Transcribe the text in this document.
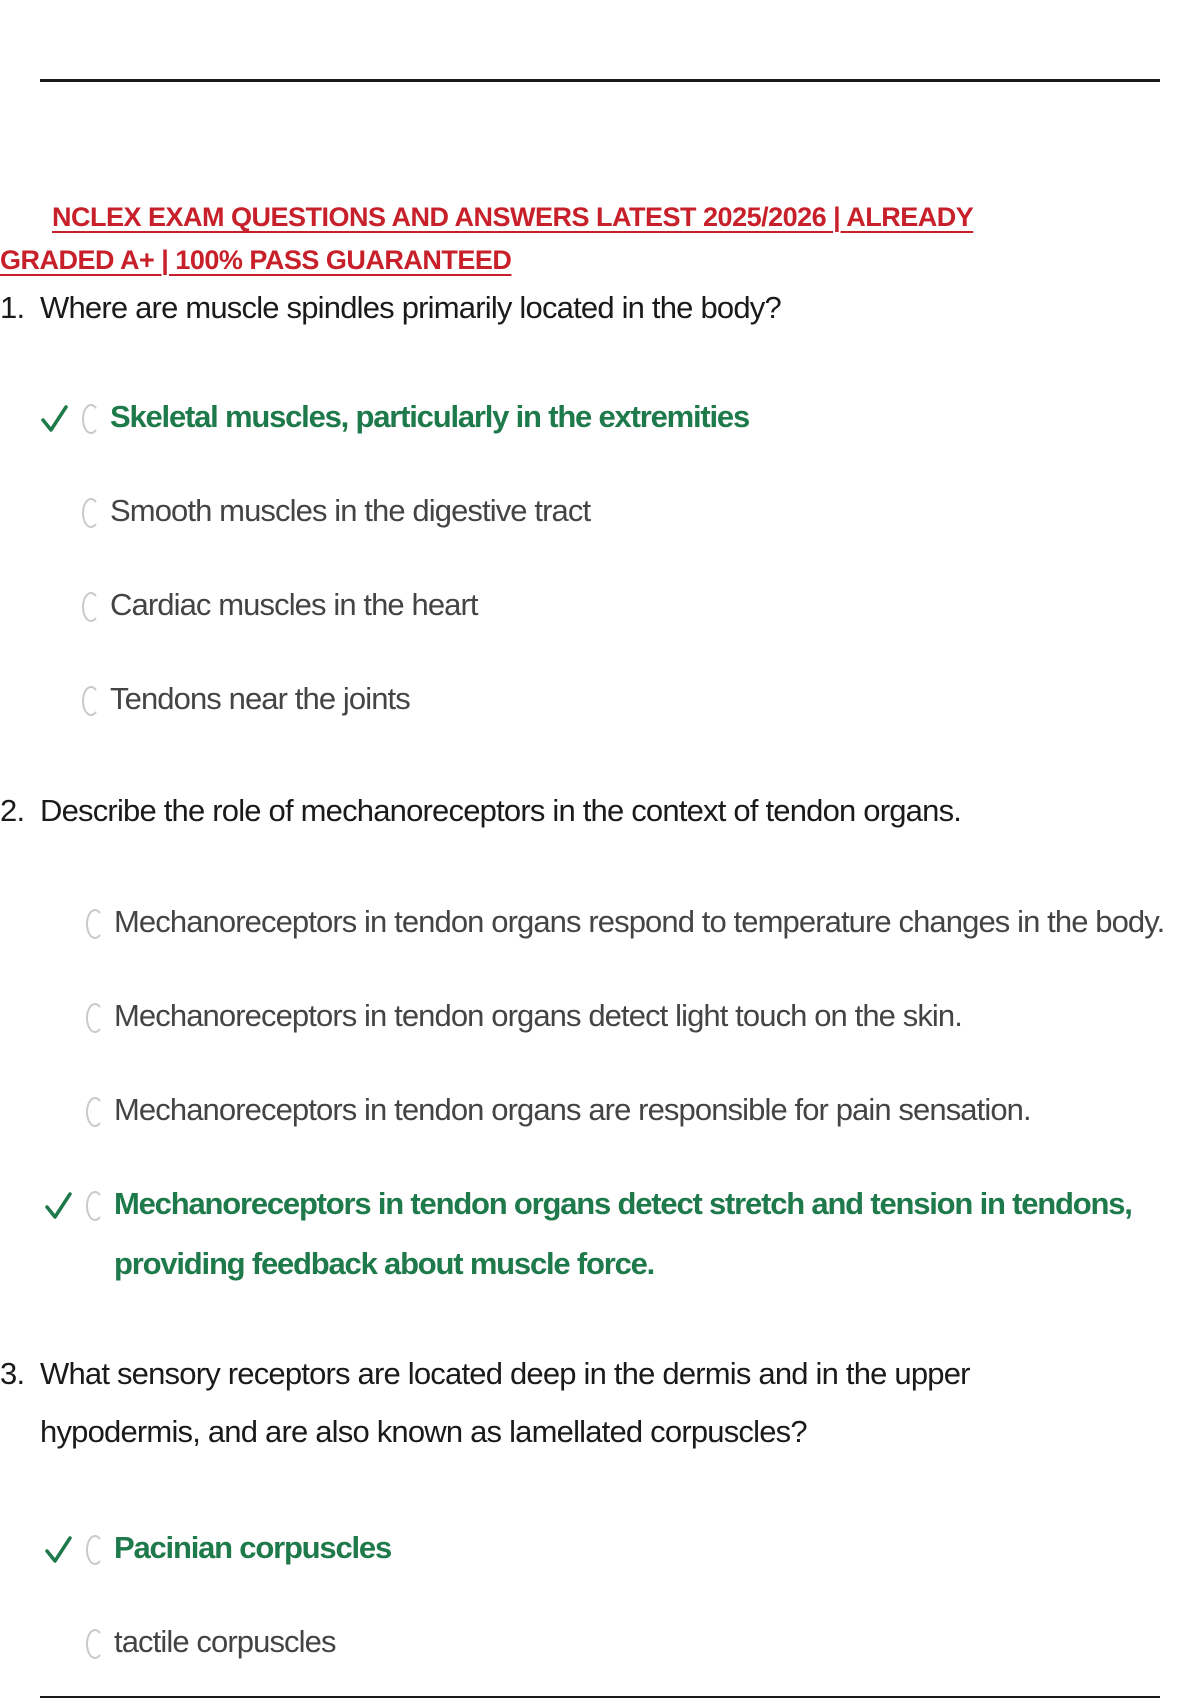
NCLEX EXAM QUESTIONS AND ANSWERS LATEST 2025/2026 | ALREADY GRADED A+ | 100% PASS GUARANTEED
1. Where are muscle spindles primarily located in the body?
Skeletal muscles, particularly in the extremities
Smooth muscles in the digestive tract
Cardiac muscles in the heart
Tendons near the joints
2. Describe the role of mechanoreceptors in the context of tendon organs.
Mechanoreceptors in tendon organs respond to temperature changes in the body.
Mechanoreceptors in tendon organs detect light touch on the skin.
Mechanoreceptors in tendon organs are responsible for pain sensation.
Mechanoreceptors in tendon organs detect stretch and tension in tendons, providing feedback about muscle force.
3. What sensory receptors are located deep in the dermis and in the upper hypodermis, and are also known as lamellated corpuscles?
Pacinian corpuscles
tactile corpuscles
